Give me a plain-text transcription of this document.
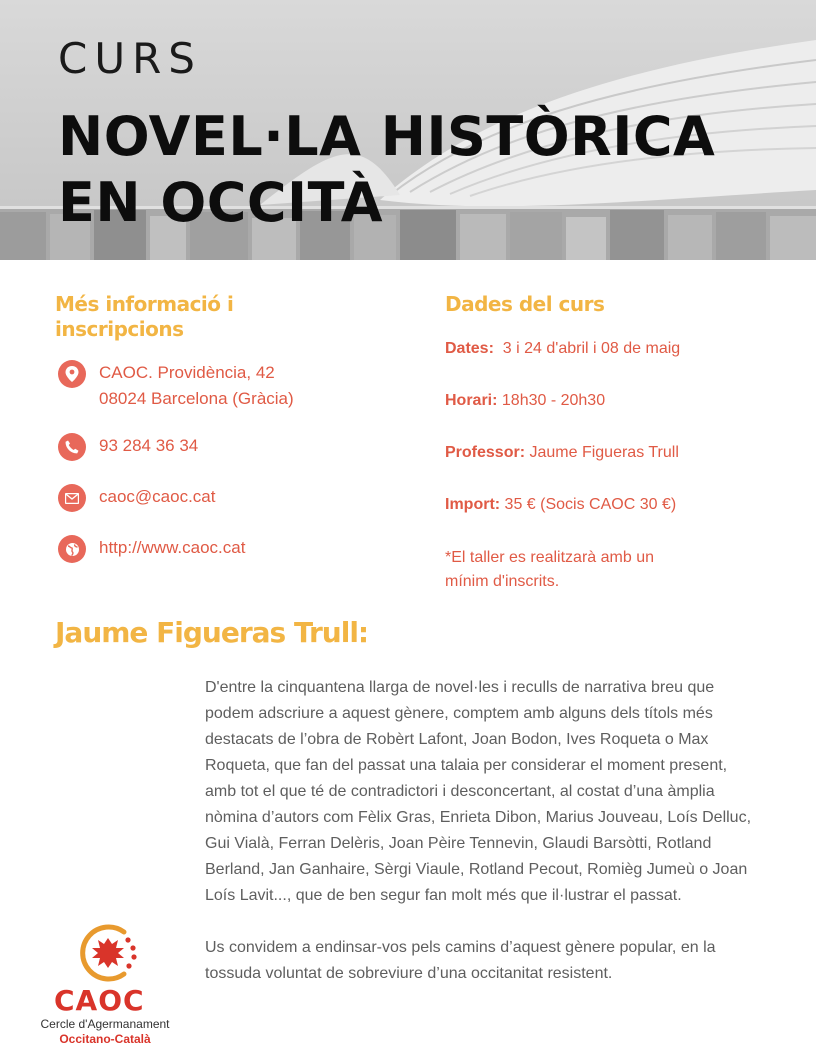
CURS
NOVEL·LA HISTÒRICA
EN OCCITÀ
Més informació i
inscripcions
CAOC. Providència, 42
08024 Barcelona (Gràcia)
93 284 36 34
caoc@caoc.cat
http://www.caoc.cat
Dades del curs
Dates:  3 i 24 d'abril i 08 de maig
Horari: 18h30 - 20h30
Professor: Jaume Figueras Trull
Import: 35 € (Socis CAOC 30 €)
*El taller es realitzarà amb un
mínim d'inscrits.
Jaume Figueras Trull:
D'entre la cinquantena llarga de novel·les i reculls de narrativa breu que
podem adscriure a aquest gènere, comptem amb alguns dels títols més
destacats de l’obra de Robèrt Lafont, Joan Bodon, Ives Roqueta o Max
Roqueta, que fan del passat una talaia per considerar el moment present,
amb tot el que té de contradictori i desconcertant, al costat d’una àmplia
nòmina d’autors com Fèlix Gras, Enrieta Dibon, Marius Jouveau, Loís Delluc,
Gui Vialà, Ferran Delèris, Joan Pèire Tennevin, Glaudi Barsòtti, Rotland
Berland, Jan Ganhaire, Sèrgi Viaule, Rotland Pecout, Romièg Jumeù o Joan
Loís Lavit..., que de ben segur fan molt més que il·lustrar el passat.
Us convidem a endinsar-vos pels camins d’aquest gènere popular, en la
tossuda voluntat de sobreviure d’una occitanitat resistent.
CAOC
Cercle d'Agermanament
Occitano-Català
